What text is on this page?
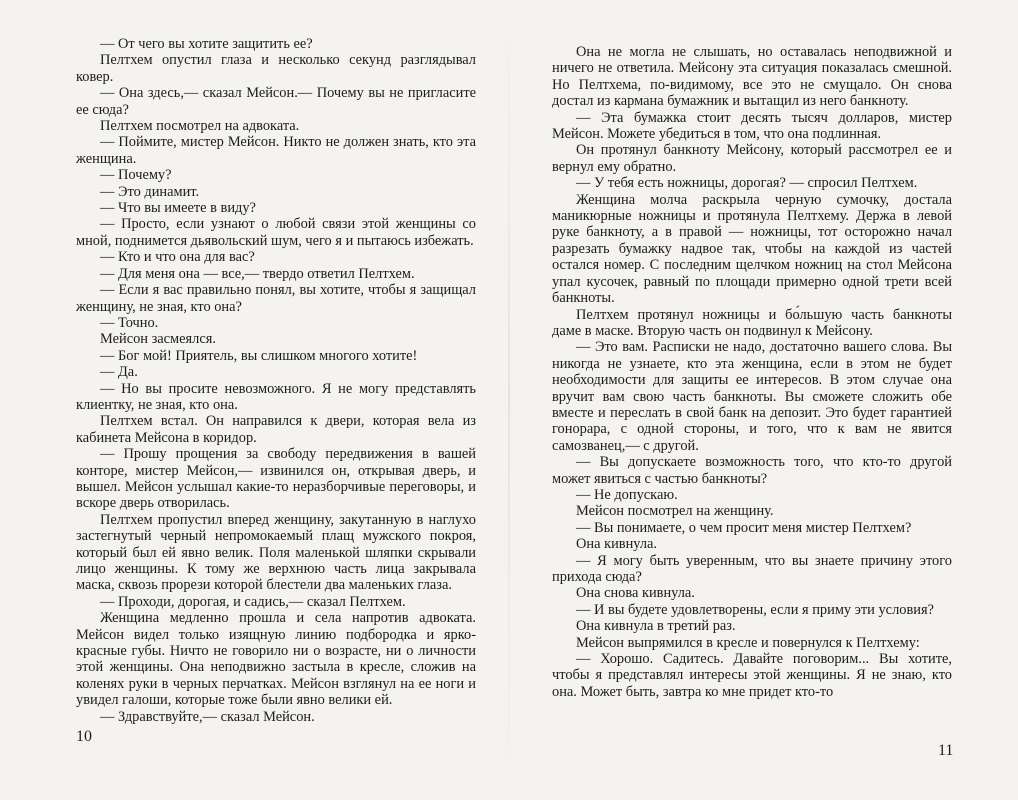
— От чего вы хотите защитить ее?

Пелтхем опустил глаза и несколько секунд разглядывал ковер.

— Она здесь,— сказал Мейсон.— Почему вы не пригласите ее сюда?

Пелтхем посмотрел на адвоката.

— Поймите, мистер Мейсон. Никто не должен знать, кто эта женщина.

— Почему?

— Это динамит.

— Что вы имеете в виду?

— Просто, если узнают о любой связи этой женщины со мной, поднимется дьявольский шум, чего я и пытаюсь избежать.

— Кто и что она для вас?

— Для меня она — все,— твердо ответил Пелтхем.

— Если я вас правильно понял, вы хотите, чтобы я защищал женщину, не зная, кто она?

— Точно.

Мейсон засмеялся.

— Бог мой! Приятель, вы слишком многого хотите!

— Да.

— Но вы просите невозможного. Я не могу представлять клиентку, не зная, кто она.

Пелтхем встал. Он направился к двери, которая вела из кабинета Мейсона в коридор.

— Прошу прощения за свободу передвижения в вашей конторе, мистер Мейсон,— извинился он, открывая дверь, и вышел. Мейсон услышал какие-то неразборчивые переговоры, и вскоре дверь отворилась.

Пелтхем пропустил вперед женщину, закутанную в наглухо застегнутый черный непромокаемый плащ мужского покроя, который был ей явно велик. Поля маленькой шляпки скрывали лицо женщины. К тому же верхнюю часть лица закрывала маска, сквозь прорези которой блестели два маленьких глаза.

— Проходи, дорогая, и садись,— сказал Пелтхем.

Женщина медленно прошла и села напротив адвоката. Мейсон видел только изящную линию подбородка и ярко-красные губы. Ничто не говорило ни о возрасте, ни о личности этой женщины. Она неподвижно застыла в кресле, сложив на коленях руки в черных перчатках. Мейсон взглянул на ее ноги и увидел галоши, которые тоже были явно велики ей.

— Здравствуйте,— сказал Мейсон.

10

Она не могла не слышать, но оставалась неподвижной и ничего не ответила. Мейсону эта ситуация показалась смешной. Но Пелтхема, по-видимому, все это не смущало. Он снова достал из кармана бумажник и вытащил из него банкноту.

— Эта бумажка стоит десять тысяч долларов, мистер Мейсон. Можете убедиться в том, что она подлинная.

Он протянул банкноту Мейсону, который рассмотрел ее и вернул ему обратно.

— У тебя есть ножницы, дорогая? — спросил Пелтхем.

Женщина молча раскрыла черную сумочку, достала маникюрные ножницы и протянула Пелтхему. Держа в левой руке банкноту, а в правой — ножницы, тот осторожно начал разрезать бумажку надвое так, чтобы на каждой из частей остался номер. С последним щелчком ножниц на стол Мейсона упал кусочек, равный по площади примерно одной трети всей банкноты.

Пелтхем протянул ножницы и бо́льшую часть банкноты даме в маске. Вторую часть он подвинул к Мейсону.

— Это вам. Расписки не надо, достаточно вашего слова. Вы никогда не узнаете, кто эта женщина, если в этом не будет необходимости для защиты ее интересов. В этом случае она вручит вам свою часть банкноты. Вы сможете сложить обе вместе и переслать в свой банк на депозит. Это будет гарантией гонорара, с одной стороны, и того, что к вам не явится самозванец,— с другой.

— Вы допускаете возможность того, что кто-то другой может явиться с частью банкноты?

— Не допускаю.

Мейсон посмотрел на женщину.

— Вы понимаете, о чем просит меня мистер Пелтхем?

Она кивнула.

— Я могу быть уверенным, что вы знаете причину этого прихода сюда?

Она снова кивнула.

— И вы будете удовлетворены, если я приму эти условия?

Она кивнула в третий раз.

Мейсон выпрямился в кресле и повернулся к Пелтхему:

— Хорошо. Садитесь. Давайте поговорим... Вы хотите, чтобы я представлял интересы этой женщины. Я не знаю, кто она. Может быть, завтра ко мне придет кто-то

11
